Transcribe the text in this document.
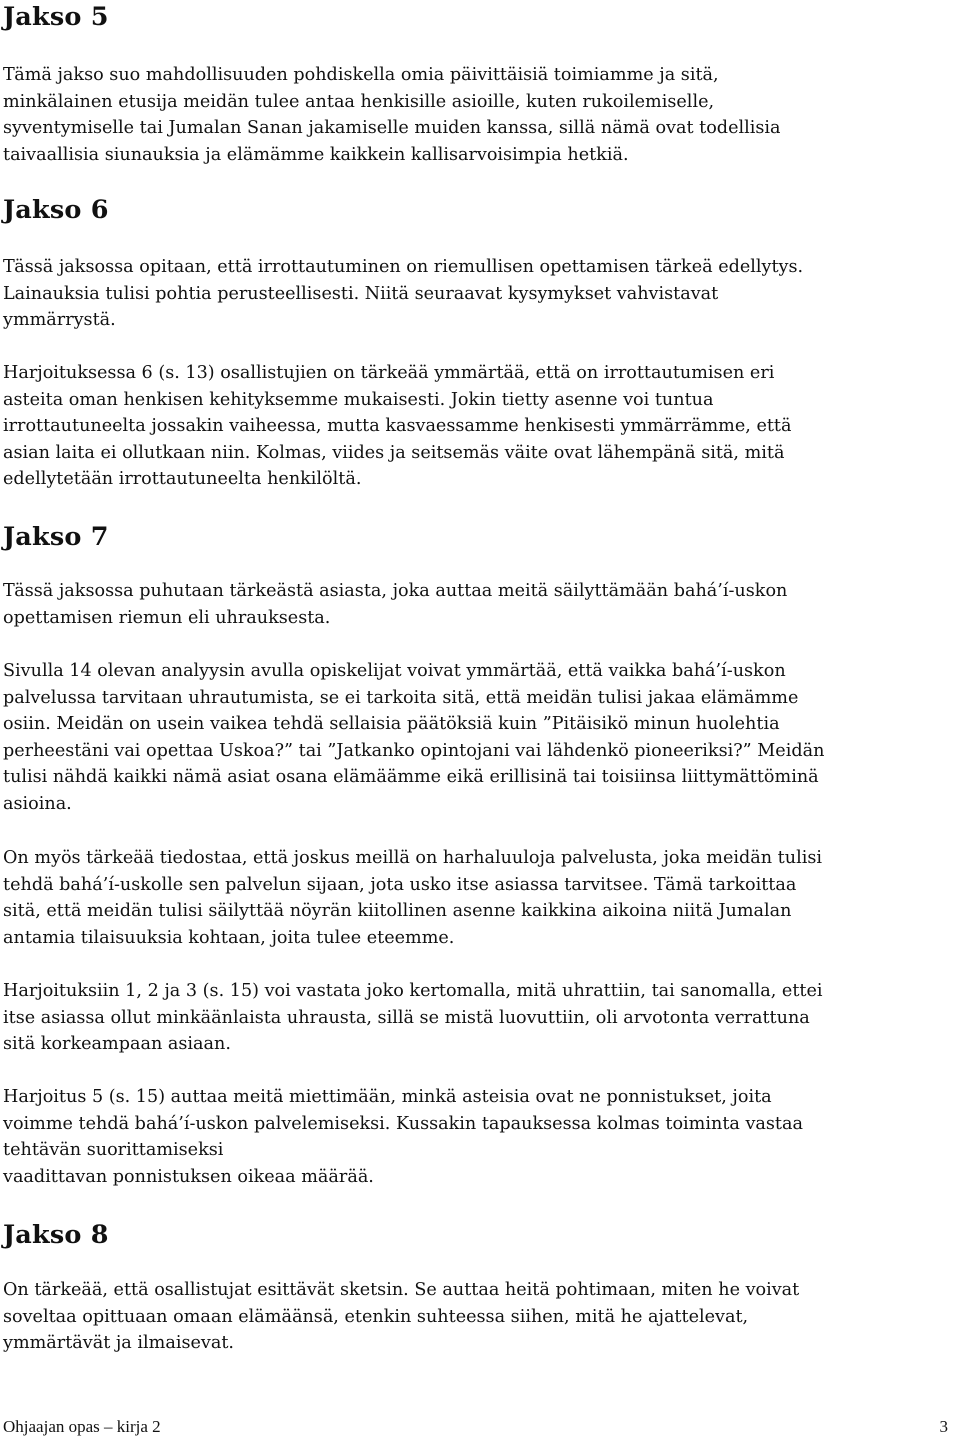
Jakso 5

Tämä jakso suo mahdollisuuden pohdiskella omia päivittäisiä toimiamme ja sitä,
minkälainen etusija meidän tulee antaa henkisille asioille, kuten rukoilemiselle,
syventymiselle tai Jumalan Sanan jakamiselle muiden kanssa, sillä nämä ovat todellisia
taivaallisia siunauksia ja elämämme kaikkein kallisarvoisimpia hetkiä.

Jakso 6

Tässä jaksossa opitaan, että irrottautuminen on riemullisen opettamisen tärkeä edellytys.
Lainauksia tulisi pohtia perusteellisesti. Niitä seuraavat kysymykset vahvistavat
ymmärrystä.

Harjoituksessa 6 (s. 13) osallistujien on tärkeää ymmärtää, että on irrottautumisen eri
asteita oman henkisen kehityksemme mukaisesti. Jokin tietty asenne voi tuntua
irrottautuneelta jossakin vaiheessa, mutta kasvaessamme henkisesti ymmärrämme, että
asian laita ei ollutkaan niin. Kolmas, viides ja seitsemäs väite ovat lähempänä sitä, mitä
edellytetään irrottautuneelta henkilöltä.

Jakso 7

Tässä jaksossa puhutaan tärkeästä asiasta, joka auttaa meitä säilyttämään bahá’í-uskon
opettamisen riemun eli uhrauksesta.

Sivulla 14 olevan analyysin avulla opiskelijat voivat ymmärtää, että vaikka bahá’í-uskon
palvelussa tarvitaan uhrautumista, se ei tarkoita sitä, että meidän tulisi jakaa elämämme
osiin. Meidän on usein vaikea tehdä sellaisia päätöksiä kuin ”Pitäisikö minun huolehtia
perheestäni vai opettaa Uskoa?” tai ”Jatkanko opintojani vai lähdenkö pioneeriksi?” Meidän
tulisi nähdä kaikki nämä asiat osana elämäämme eikä erillisinä tai toisiinsa liittymättöminä
asioina.

On myös tärkeää tiedostaa, että joskus meillä on harhaluuloja palvelusta, joka meidän tulisi
tehdä bahá’í-uskolle sen palvelun sijaan, jota usko itse asiassa tarvitsee. Tämä tarkoittaa
sitä, että meidän tulisi säilyttää nöyrän kiitollinen asenne kaikkina aikoina niitä Jumalan
antamia tilaisuuksia kohtaan, joita tulee eteemme.

Harjoituksiin 1, 2 ja 3 (s. 15) voi vastata joko kertomalla, mitä uhrattiin, tai sanomalla, ettei
itse asiassa ollut minkäänlaista uhrausta, sillä se mistä luovuttiin, oli arvotonta verrattuna
sitä korkeampaan asiaan.

Harjoitus 5 (s. 15) auttaa meitä miettimään, minkä asteisia ovat ne ponnistukset, joita
voimme tehdä bahá’í-uskon palvelemiseksi. Kussakin tapauksessa kolmas toiminta vastaa
tehtävän suorittamiseksi
vaadittavan ponnistuksen oikeaa määrää.

Jakso 8

On tärkeää, että osallistujat esittävät sketsin. Se auttaa heitä pohtimaan, miten he voivat
soveltaa opittuaan omaan elämäänsä, etenkin suhteessa siihen, mitä he ajattelevat,
ymmärtävät ja ilmaisevat.

Ohjaajan opas – kirja 2	3
